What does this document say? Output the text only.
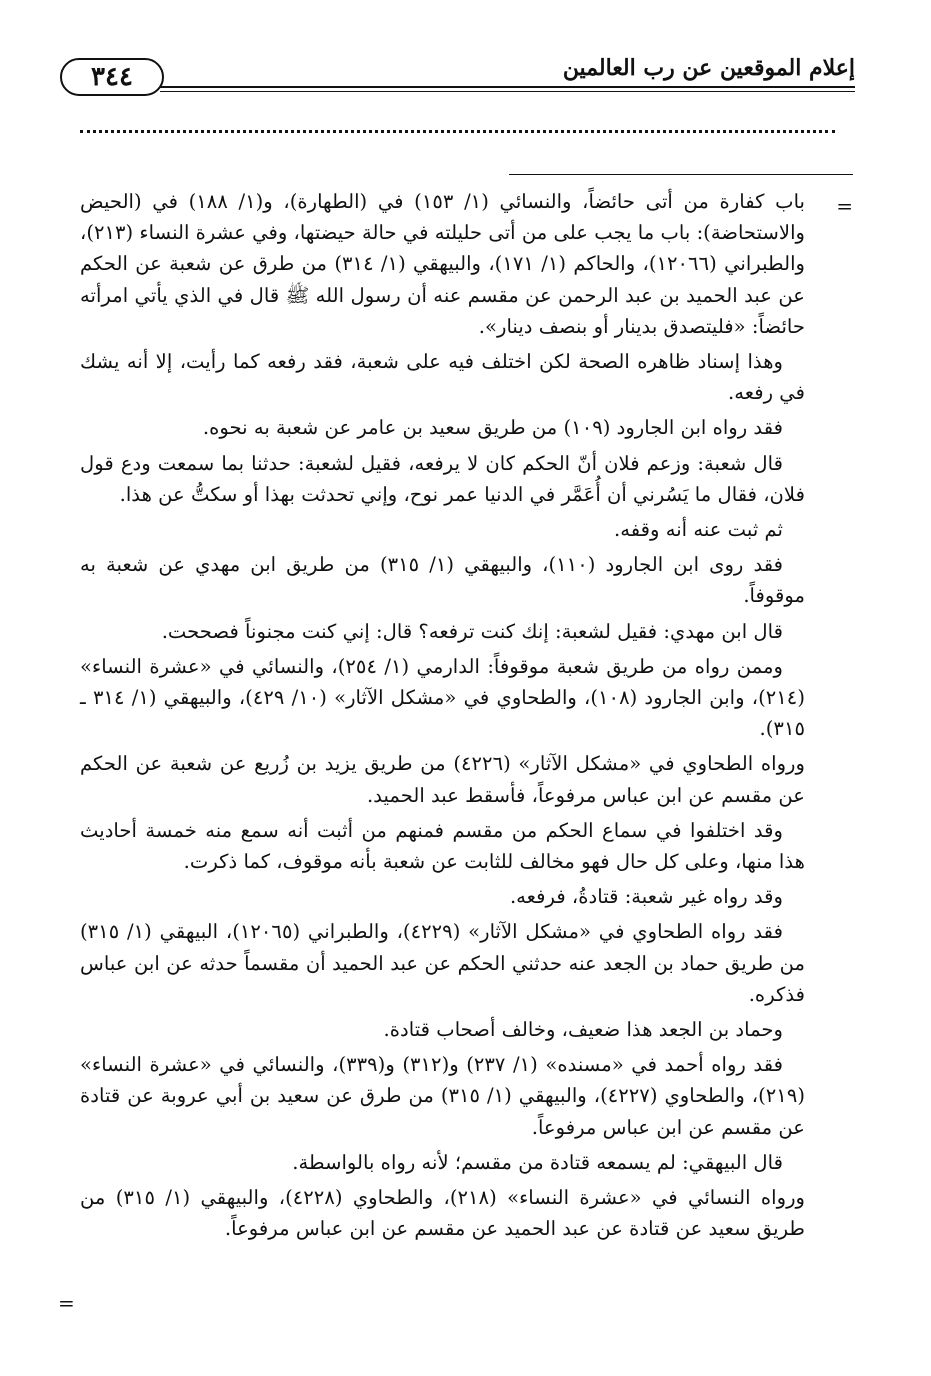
٣٤٤	إعلام الموقعين عن رب العالمين
=
=

باب كفارة من أتى حائضاً، والنسائي (١/ ١٥٣) في (الطهارة)، و(١/ ١٨٨) في (الحيض والاستحاضة): باب ما يجب على من أتى حليلته في حالة حيضتها، وفي عشرة النساء (٢١٣)، والطبراني (١٢٠٦٦)، والحاكم (١/ ١٧١)، والبيهقي (١/ ٣١٤) من طرق عن شعبة عن الحكم عن عبد الحميد بن عبد الرحمن عن مقسم عنه أن رسول الله ﷺ قال في الذي يأتي امرأته حائضاً: «فليتصدق بدينار أو بنصف دينار».

وهذا إسناد ظاهره الصحة لكن اختلف فيه على شعبة، فقد رفعه كما رأيت، إلا أنه يشك في رفعه.

فقد رواه ابن الجارود (١٠٩) من طريق سعيد بن عامر عن شعبة به نحوه.

قال شعبة: وزعم فلان أنّ الحكم كان لا يرفعه، فقيل لشعبة: حدثنا بما سمعت ودع قول فلان، فقال ما يَسُرني أن أُعَمَّر في الدنيا عمر نوح، وإني تحدثت بهذا أو سكتُّ عن هذا.

ثم ثبت عنه أنه وقفه.

فقد روى ابن الجارود (١١٠)، والبيهقي (١/ ٣١٥) من طريق ابن مهدي عن شعبة به موقوفاً.

قال ابن مهدي: فقيل لشعبة: إنك كنت ترفعه؟ قال: إني كنت مجنوناً فصححت.

وممن رواه من طريق شعبة موقوفاً: الدارمي (١/ ٢٥٤)، والنسائي في «عشرة النساء» (٢١٤)، وابن الجارود (١٠٨)، والطحاوي في «مشكل الآثار» (١٠/ ٤٢٩)، والبيهقي (١/ ٣١٤ ـ ٣١٥).

ورواه الطحاوي في «مشكل الآثار» (٤٢٢٦) من طريق يزيد بن زُريع عن شعبة عن الحكم عن مقسم عن ابن عباس مرفوعاً، فأسقط عبد الحميد.

وقد اختلفوا في سماع الحكم من مقسم فمنهم من أثبت أنه سمع منه خمسة أحاديث هذا منها، وعلى كل حال فهو مخالف للثابت عن شعبة بأنه موقوف، كما ذكرت.

وقد رواه غير شعبة: قتادةُ، فرفعه.

فقد رواه الطحاوي في «مشكل الآثار» (٤٢٢٩)، والطبراني (١٢٠٦٥)، البيهقي (١/ ٣١٥) من طريق حماد بن الجعد عنه حدثني الحكم عن عبد الحميد أن مقسماً حدثه عن ابن عباس فذكره.

وحماد بن الجعد هذا ضعيف، وخالف أصحاب قتادة.

فقد رواه أحمد في «مسنده» (١/ ٢٣٧) و(٣١٢) و(٣٣٩)، والنسائي في «عشرة النساء» (٢١٩)، والطحاوي (٤٢٢٧)، والبيهقي (١/ ٣١٥) من طرق عن سعيد بن أبي عروبة عن قتادة عن مقسم عن ابن عباس مرفوعاً.

قال البيهقي: لم يسمعه قتادة من مقسم؛ لأنه رواه بالواسطة.

ورواه النسائي في «عشرة النساء» (٢١٨)، والطحاوي (٤٢٢٨)، والبيهقي (١/ ٣١٥) من طريق سعيد عن قتادة عن عبد الحميد عن مقسم عن ابن عباس مرفوعاً.
